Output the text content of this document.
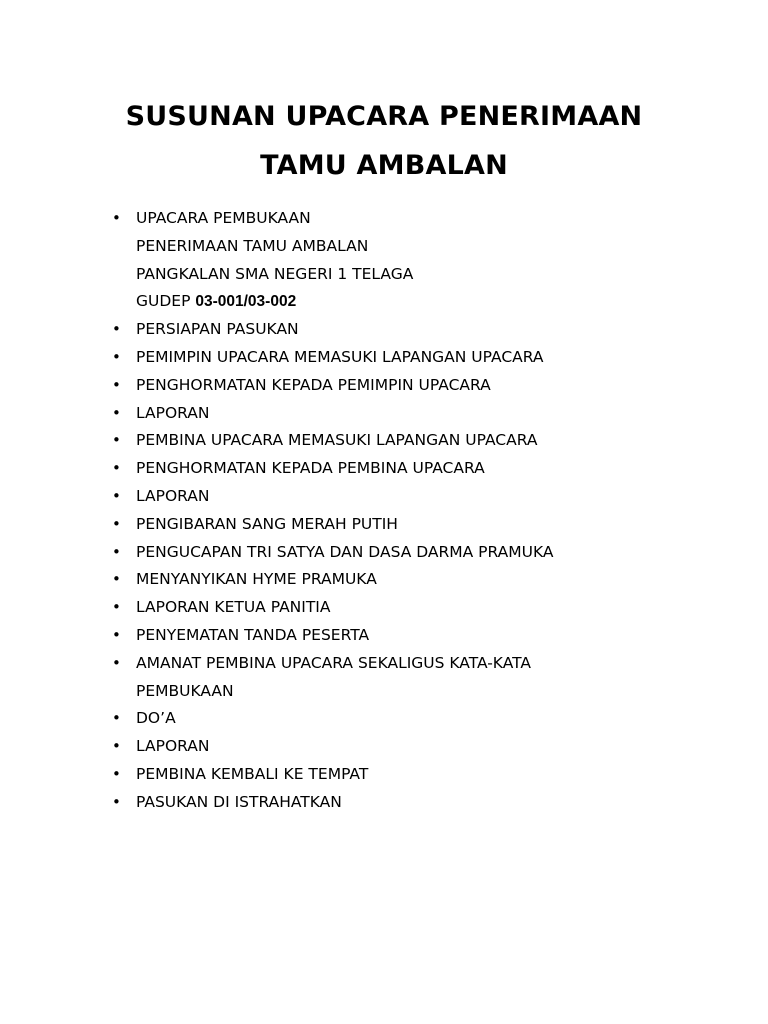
SUSUNAN UPACARA PENERIMAAN
TAMU AMBALAN
• UPACARA PEMBUKAAN
PENERIMAAN TAMU AMBALAN
PANGKALAN SMA NEGERI 1 TELAGA
GUDEP 03-001/03-002
• PERSIAPAN PASUKAN
• PEMIMPIN UPACARA MEMASUKI LAPANGAN UPACARA
• PENGHORMATAN KEPADA PEMIMPIN UPACARA
• LAPORAN
• PEMBINA UPACARA MEMASUKI LAPANGAN UPACARA
• PENGHORMATAN KEPADA PEMBINA UPACARA
• LAPORAN
• PENGIBARAN SANG MERAH PUTIH
• PENGUCAPAN TRI SATYA DAN DASA DARMA PRAMUKA
• MENYANYIKAN HYME PRAMUKA
• LAPORAN KETUA PANITIA
• PENYEMATAN TANDA PESERTA
• AMANAT PEMBINA UPACARA SEKALIGUS KATA-KATA
PEMBUKAAN
• DO’A
• LAPORAN
• PEMBINA KEMBALI KE TEMPAT
• PASUKAN DI ISTRAHATKAN
